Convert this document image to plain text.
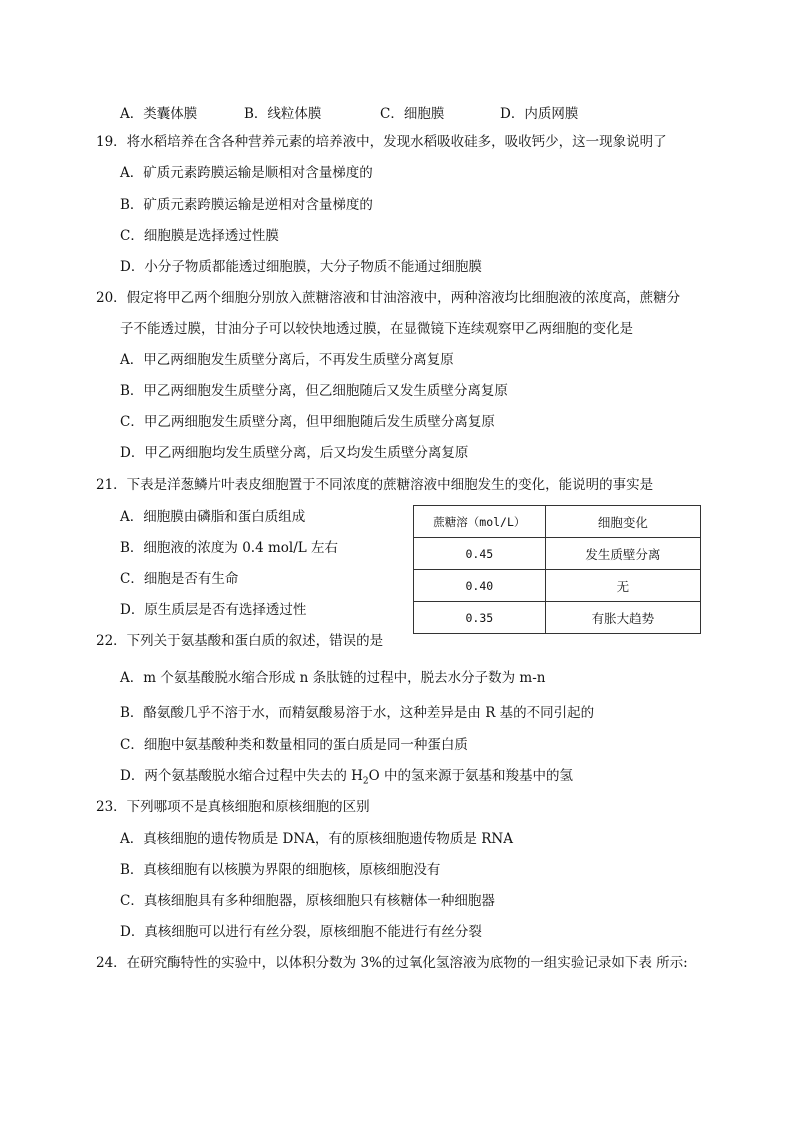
A．类囊体膜	B．线粒体膜	C．细胞膜	D．内质网膜
19．将水稻培养在含各种营养元素的培养液中，发现水稻吸收硅多，吸收钙少，这一现象说明了
A．矿质元素跨膜运输是顺相对含量梯度的
B．矿质元素跨膜运输是逆相对含量梯度的
C．细胞膜是选择透过性膜
D．小分子物质都能透过细胞膜，大分子物质不能通过细胞膜
20．假定将甲乙两个细胞分别放入蔗糖溶液和甘油溶液中，两种溶液均比细胞液的浓度高，蔗糖分
子不能透过膜，甘油分子可以较快地透过膜，在显微镜下连续观察甲乙两细胞的变化是
A．甲乙两细胞发生质壁分离后，不再发生质壁分离复原
B．甲乙两细胞发生质壁分离，但乙细胞随后又发生质壁分离复原
C．甲乙两细胞发生质壁分离，但甲细胞随后发生质壁分离复原
D．甲乙两细胞均发生质壁分离，后又均发生质壁分离复原
21．下表是洋葱鳞片叶表皮细胞置于不同浓度的蔗糖溶液中细胞发生的变化，能说明的事实是
A．细胞膜由磷脂和蛋白质组成
B．细胞液的浓度为 0.4 mol/L 左右
C．细胞是否有生命
D．原生质层是否有选择透过性
蔗糖溶（mol/L）	细胞变化
0.45	发生质壁分离
0.40	无
0.35	有胀大趋势
22．下列关于氨基酸和蛋白质的叙述，错误的是
A．m 个氨基酸脱水缩合形成 n 条肽链的过程中，脱去水分子数为 m-n
B．酪氨酸几乎不溶于水，而精氨酸易溶于水，这种差异是由 R 基的不同引起的
C．细胞中氨基酸种类和数量相同的蛋白质是同一种蛋白质
D．两个氨基酸脱水缩合过程中失去的 $H_2O$ 中的氢来源于氨基和羧基中的氢
23．下列哪项不是真核细胞和原核细胞的区别
A．真核细胞的遗传物质是 DNA，有的原核细胞遗传物质是 RNA
B．真核细胞有以核膜为界限的细胞核，原核细胞没有
C．真核细胞具有多种细胞器，原核细胞只有核糖体一种细胞器
D．真核细胞可以进行有丝分裂，原核细胞不能进行有丝分裂
24．在研究酶特性的实验中，以体积分数为 3%的过氧化氢溶液为底物的一组实验记录如下表 所示:
